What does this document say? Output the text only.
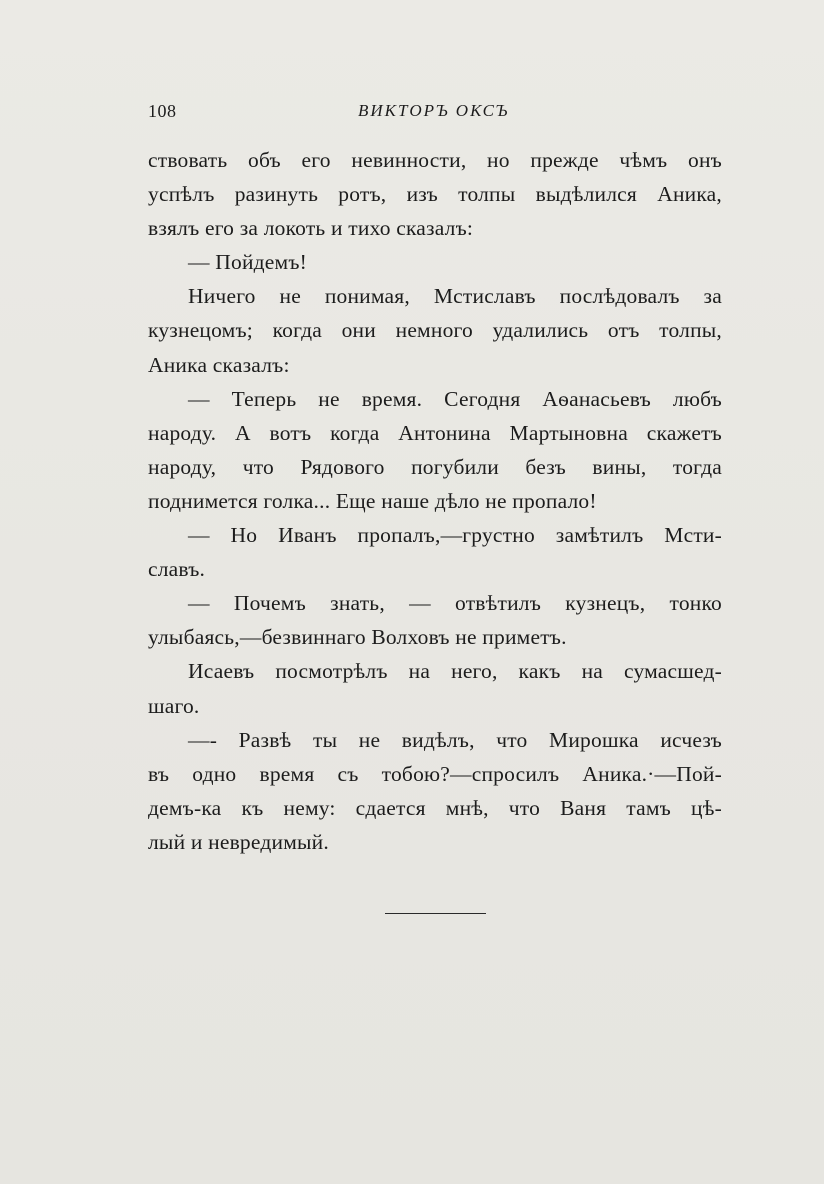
108	ВИКТОРЪ ОКСЪ
ствовать объ его невинности, но прежде чѣмъ онъ
успѣлъ разинуть ротъ, изъ толпы выдѣлился Аника,
взялъ его за локоть и тихо сказалъ:
— Пойдемъ!
Ничего не понимая, Мстиславъ послѣдовалъ за
кузнецомъ; когда они немного удалились отъ толпы,
Аника сказалъ:
— Теперь не время. Сегодня Аѳанасьевъ любъ
народу. А вотъ когда Антонина Мартыновна скажетъ
народу, что Рядового погубили безъ вины, тогда
поднимется голка... Еще наше дѣло не пропало!
— Но Иванъ пропалъ,—грустно замѣтилъ Мсти-
славъ.
— Почемъ знать, — отвѣтилъ кузнецъ, тонко
улыбаясь,—безвиннаго Волховъ не приметъ.
Исаевъ посмотрѣлъ на него, какъ на сумасшед-
шаго.
—- Развѣ ты не видѣлъ, что Мирошка исчезъ
въ одно время съ тобою?—спросилъ Аника.·—Пой-
демъ-ка къ нему: сдается мнѣ, что Ваня тамъ цѣ-
лый и невредимый.
